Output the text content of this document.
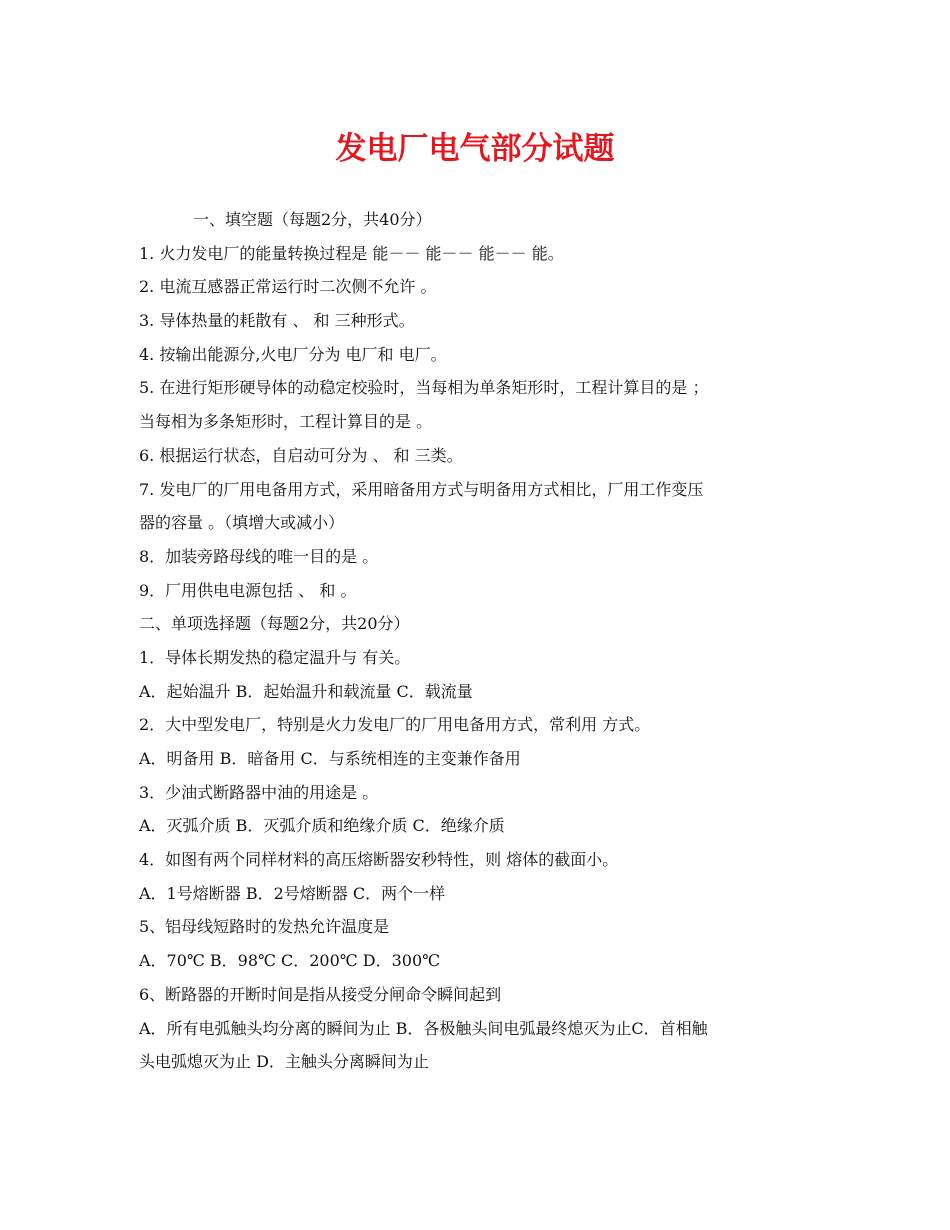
发电厂电气部分试题
一、填空题（每题2分，共40分）
1. 火力发电厂的能量转换过程是 能－－ 能－－ 能－－ 能。
2. 电流互感器正常运行时二次侧不允许 。
3. 导体热量的耗散有 、 和 三种形式。
4. 按输出能源分,火电厂分为 电厂和 电厂。
5. 在进行矩形硬导体的动稳定校验时，当每相为单条矩形时，工程计算目的是 ；
当每相为多条矩形时，工程计算目的是 。
6. 根据运行状态，自启动可分为 、 和 三类。
7. 发电厂的厂用电备用方式，采用暗备用方式与明备用方式相比，厂用工作变压
器的容量 。（填增大或减小）
8．加装旁路母线的唯一目的是 。
9．厂用供电电源包括 、 和 。
二、单项选择题（每题2分，共20分）
1．导体长期发热的稳定温升与 有关。
A．起始温升 B．起始温升和载流量 C．载流量
2．大中型发电厂，特别是火力发电厂的厂用电备用方式，常利用 方式。
A．明备用 B．暗备用 C．与系统相连的主变兼作备用
3．少油式断路器中油的用途是 。
A．灭弧介质 B．灭弧介质和绝缘介质 C．绝缘介质
4．如图有两个同样材料的高压熔断器安秒特性，则 熔体的截面小。
A．1号熔断器 B．2号熔断器 C．两个一样
5、铝母线短路时的发热允许温度是
A．70℃ B．98℃ C．200℃ D．300℃
6、断路器的开断时间是指从接受分闸命令瞬间起到
A．所有电弧触头均分离的瞬间为止 B．各极触头间电弧最终熄灭为止C．首相触
头电弧熄灭为止 D．主触头分离瞬间为止
